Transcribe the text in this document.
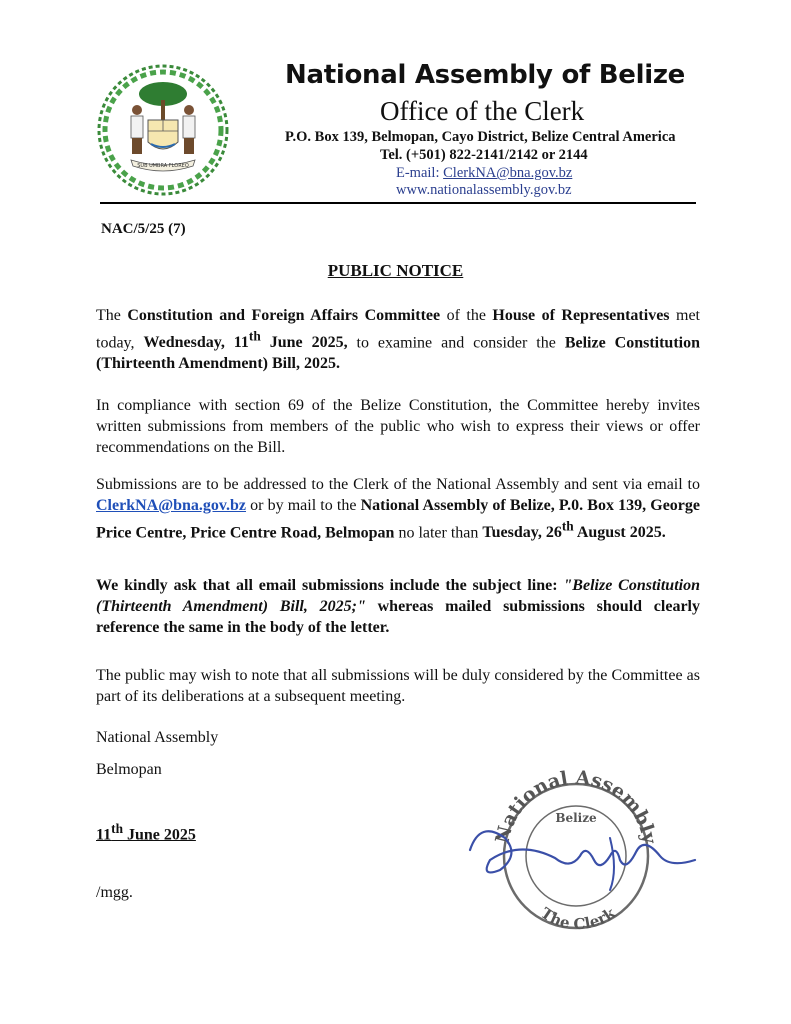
SUB UMBRA FLOREO
National Assembly of Belize
Office of the Clerk
P.O. Box 139, Belmopan, Cayo District, Belize Central America
Tel. (+501) 822-2141/2142 or 2144
E-mail: ClerkNA@bna.gov.bz
www.nationalassembly.gov.bz
NAC/5/25 (7)
PUBLIC NOTICE

The Constitution and Foreign Affairs Committee of the House of Representatives met today, Wednesday, 11th June 2025, to examine and consider the Belize Constitution (Thirteenth Amendment) Bill, 2025.

In compliance with section 69 of the Belize Constitution, the Committee hereby invites written submissions from members of the public who wish to express their views or offer recommendations on the Bill.

Submissions are to be addressed to the Clerk of the National Assembly and sent via email to ClerkNA@bna.gov.bz or by mail to the National Assembly of Belize, P.0. Box 139, George Price Centre, Price Centre Road, Belmopan no later than Tuesday, 26th August 2025.

We kindly ask that all email submissions include the subject line: "Belize Constitution (Thirteenth Amendment) Bill, 2025;" whereas mailed submissions should clearly reference the same in the body of the letter.

The public may wish to note that all submissions will be duly considered by the Committee as part of its deliberations at a subsequent meeting.

National Assembly
Belmopan
11th June 2025
/mgg.
National Assembly
Belize
The Clerk
